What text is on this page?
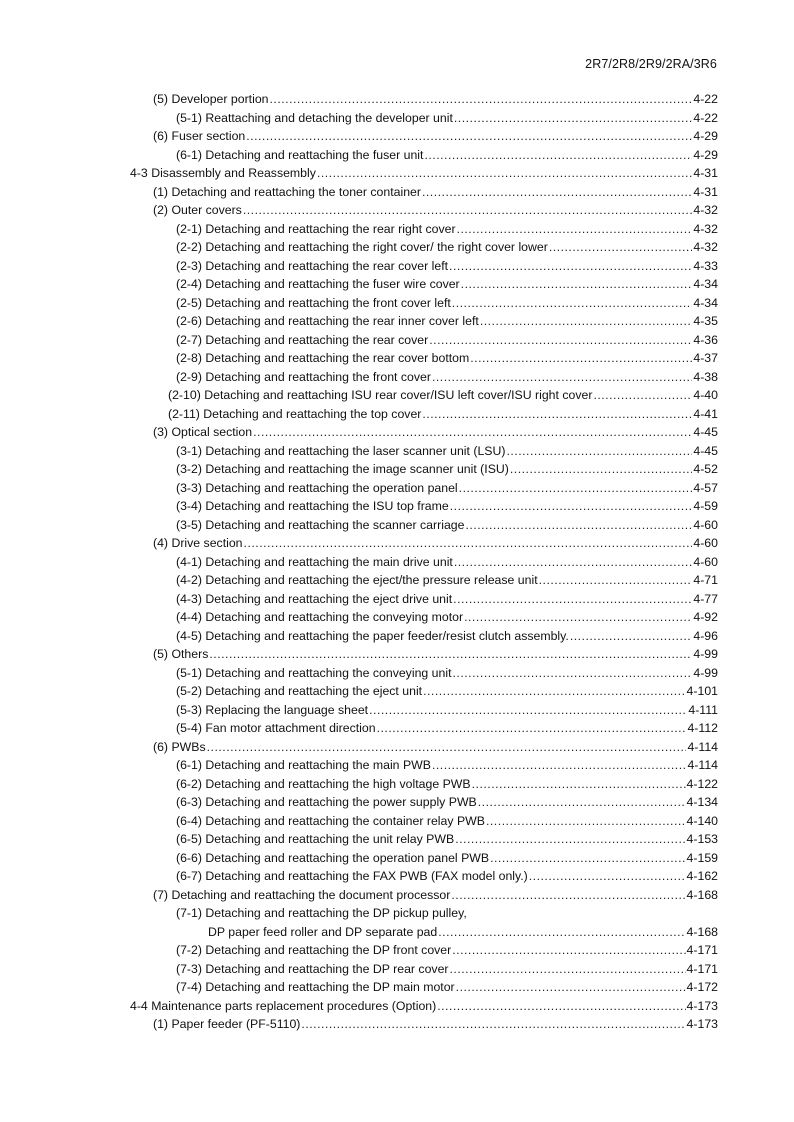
2R7/2R8/2R9/2RA/3R6
(5) Developer portion .....	4-22
(5-1) Reattaching and detaching the developer unit .....	4-22
(6) Fuser section .....	4-29
(6-1) Detaching and reattaching the fuser unit .....	4-29
4-3 Disassembly and Reassembly .....	4-31
(1) Detaching and reattaching the toner container .....	4-31
(2) Outer covers .....	4-32
(2-1) Detaching and reattaching the rear right cover .....	4-32
(2-2) Detaching and reattaching the right cover/ the right cover lower .....	4-32
(2-3) Detaching and reattaching the rear cover left .....	4-33
(2-4) Detaching and reattaching the fuser wire cover .....	4-34
(2-5) Detaching and reattaching the front cover left .....	4-34
(2-6) Detaching and reattaching the rear inner cover left .....	4-35
(2-7) Detaching and reattaching the rear cover .....	4-36
(2-8) Detaching and reattaching the rear cover bottom .....	4-37
(2-9) Detaching and reattaching the front cover .....	4-38
(2-10) Detaching and reattaching ISU rear cover/ISU left cover/ISU right cover .....	4-40
(2-11) Detaching and reattaching the top cover .....	4-41
(3) Optical section .....	4-45
(3-1) Detaching and reattaching the laser scanner unit (LSU) .....	4-45
(3-2) Detaching and reattaching the image scanner unit (ISU) .....	4-52
(3-3) Detaching and reattaching the operation panel .....	4-57
(3-4) Detaching and reattaching the ISU top frame .....	4-59
(3-5) Detaching and reattaching the scanner carriage .....	4-60
(4) Drive section .....	4-60
(4-1) Detaching and reattaching the main drive unit .....	4-60
(4-2) Detaching and reattaching the eject/the pressure release unit .....	4-71
(4-3) Detaching and reattaching the eject drive unit .....	4-77
(4-4) Detaching and reattaching the conveying motor .....	4-92
(4-5) Detaching and reattaching the paper feeder/resist clutch assembly. .....	4-96
(5) Others .....	4-99
(5-1) Detaching and reattaching the conveying unit .....	4-99
(5-2) Detaching and reattaching the eject unit .....	4-101
(5-3) Replacing the language sheet .....	4-111
(5-4) Fan motor attachment direction .....	4-112
(6) PWBs .....	4-114
(6-1) Detaching and reattaching the main PWB .....	4-114
(6-2) Detaching and reattaching the high voltage PWB .....	4-122
(6-3) Detaching and reattaching the power supply PWB .....	4-134
(6-4) Detaching and reattaching the container relay PWB .....	4-140
(6-5) Detaching and reattaching the unit relay PWB .....	4-153
(6-6) Detaching and reattaching the operation panel PWB .....	4-159
(6-7) Detaching and reattaching the FAX PWB (FAX model only.) .....	4-162
(7) Detaching and reattaching the document processor .....	4-168
(7-1) Detaching and reattaching the DP pickup pulley,
DP paper feed roller and DP separate pad .....	4-168
(7-2) Detaching and reattaching the DP front cover .....	4-171
(7-3) Detaching and reattaching the DP rear cover .....	4-171
(7-4) Detaching and reattaching the DP main motor .....	4-172
4-4 Maintenance parts replacement procedures (Option) .....	4-173
(1) Paper feeder (PF-5110) .....	4-173
